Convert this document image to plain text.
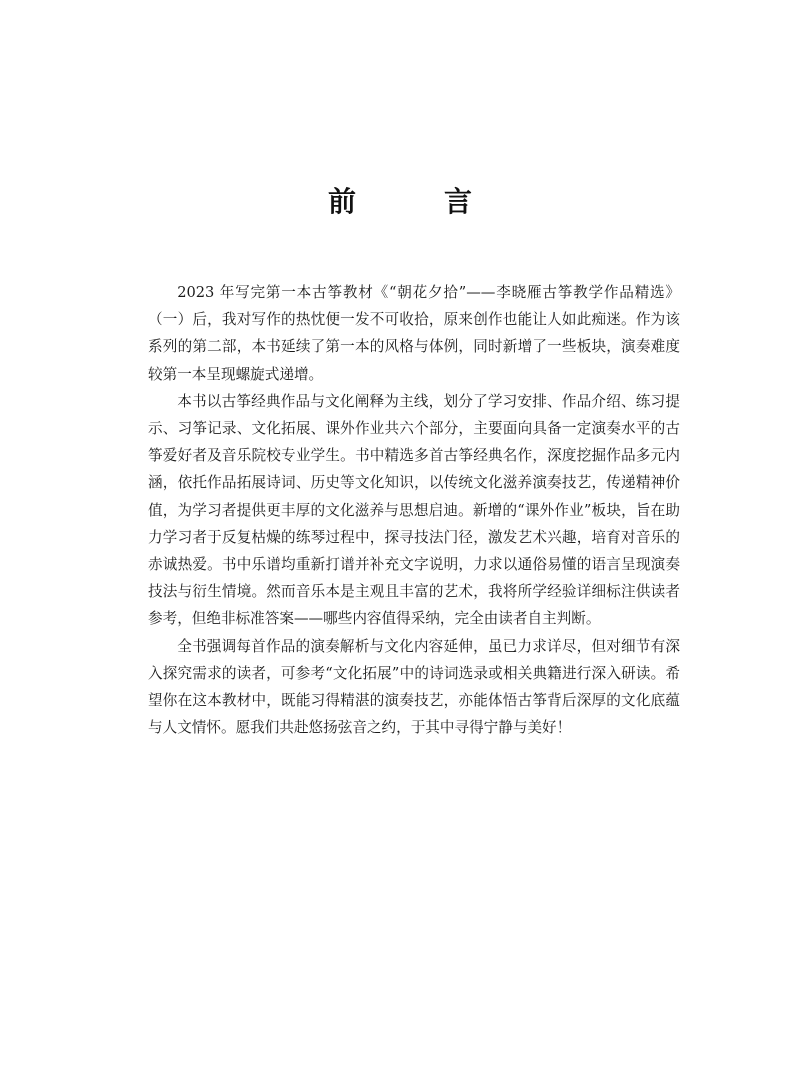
前　言

2023 年写完第一本古筝教材《“朝花夕拾”——李晓雁古筝教学作品精选》（一）后，我对写作的热忱便一发不可收拾，原来创作也能让人如此痴迷。作为该系列的第二部，本书延续了第一本的风格与体例，同时新增了一些板块，演奏难度较第一本呈现螺旋式递增。

本书以古筝经典作品与文化阐释为主线，划分了学习安排、作品介绍、练习提示、习筝记录、文化拓展、课外作业共六个部分，主要面向具备一定演奏水平的古筝爱好者及音乐院校专业学生。书中精选多首古筝经典名作，深度挖掘作品多元内涵，依托作品拓展诗词、历史等文化知识，以传统文化滋养演奏技艺，传递精神价值，为学习者提供更丰厚的文化滋养与思想启迪。新增的“课外作业”板块，旨在助力学习者于反复枯燥的练琴过程中，探寻技法门径，激发艺术兴趣，培育对音乐的赤诚热爱。书中乐谱均重新打谱并补充文字说明，力求以通俗易懂的语言呈现演奏技法与衍生情境。然而音乐本是主观且丰富的艺术，我将所学经验详细标注供读者参考，但绝非标准答案——哪些内容值得采纳，完全由读者自主判断。

全书强调每首作品的演奏解析与文化内容延伸，虽已力求详尽，但对细节有深入探究需求的读者，可参考“文化拓展”中的诗词选录或相关典籍进行深入研读。希望你在这本教材中，既能习得精湛的演奏技艺，亦能体悟古筝背后深厚的文化底蕴与人文情怀。愿我们共赴悠扬弦音之约，于其中寻得宁静与美好！
